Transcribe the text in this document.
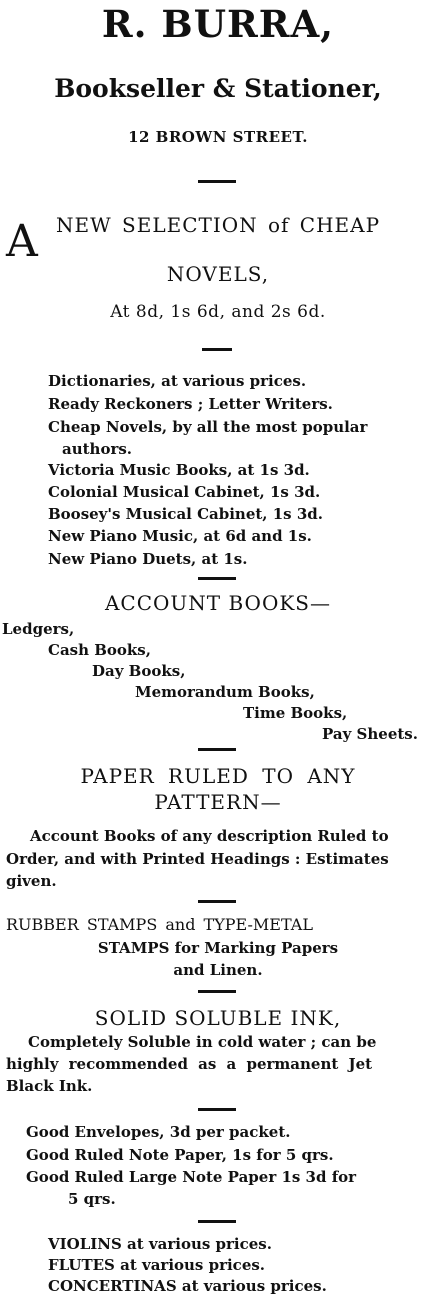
R. BURRA,
Bookseller & Stationer,
12 BROWN STREET.
A NEW SELECTION of CHEAP
NOVELS,
At 8d, 1s 6d, and 2s 6d.
Dictionaries, at various prices.
Ready Reckoners ; Letter Writers.
Cheap Novels, by all the most popular
authors.
Victoria Music Books, at 1s 3d.
Colonial Musical Cabinet, 1s 3d.
Boosey's Musical Cabinet, 1s 3d.
New Piano Music, at 6d and 1s.
New Piano Duets, at 1s.
ACCOUNT BOOKS—
Ledgers,
Cash Books,
Day Books,
Memorandum Books,
Time Books,
Pay Sheets.
PAPER RULED TO ANY
PATTERN—
Account Books of any description Ruled to
Order, and with Printed Headings : Estimates
given.
RUBBER STAMPS and TYPE-METAL
STAMPS for Marking Papers
and Linen.
SOLID SOLUBLE INK,
Completely Soluble in cold water ; can be
highly recommended as a permanent Jet
Black Ink.
Good Envelopes, 3d per packet.
Good Ruled Note Paper, 1s for 5 qrs.
Good Ruled Large Note Paper 1s 3d for
5 qrs.
VIOLINS at various prices.
FLUTES at various prices.
CONCERTINAS at various prices.
